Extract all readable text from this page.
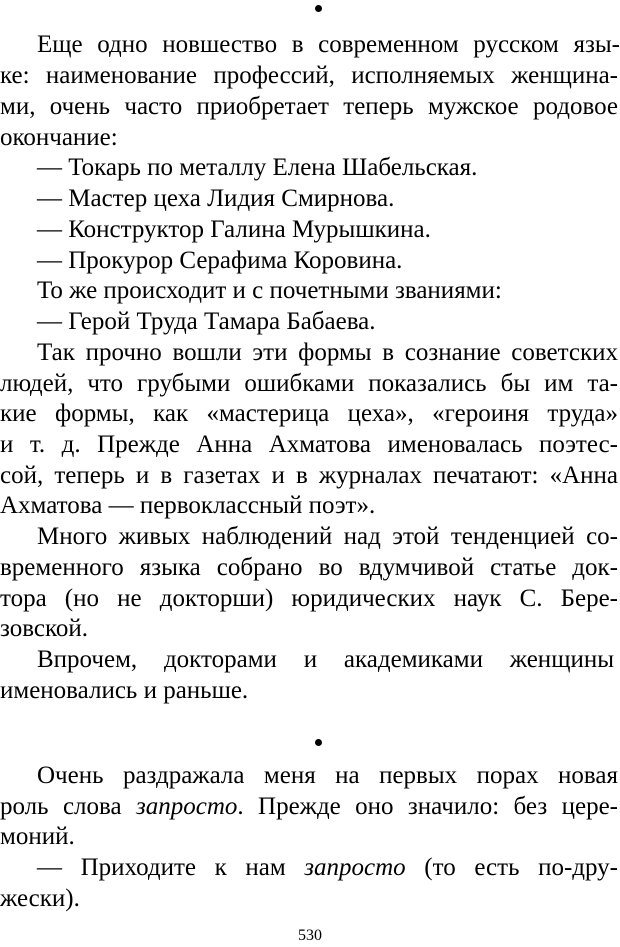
Еще одно новшество в современном русском язы-

ке: наименование профессий, исполняемых женщина-

ми, очень часто приобретает теперь мужское родовое

окончание:

— Токарь по металлу Елена Шабельская.

— Мастер цеха Лидия Смирнова.

— Конструктор Галина Мурышкина.

— Прокурор Серафима Коровина.

То же происходит и с почетными званиями:

— Герой Труда Тамара Бабаева.

Так прочно вошли эти формы в сознание советских

людей, что грубыми ошибками показались бы им та-

кие формы, как «мастерица цеха», «героиня труда»

и т. д. Прежде Анна Ахматова именовалась поэтес-

сой, теперь и в газетах и в журналах печатают: «Анна

Ахматова — первоклассный поэт».

Много живых наблюдений над этой тенденцией со-

временного языка собрано во вдумчивой статье док-

тора (но не докторши) юридических наук С. Бере-

зовской.

Впрочем, докторами и академиками женщины

именовались и раньше.

Очень раздражала меня на первых порах новая

роль слова запросто. Прежде оно значило: без цере-

моний.

— Приходите к нам запросто (то есть по-дру-

жески).

530
